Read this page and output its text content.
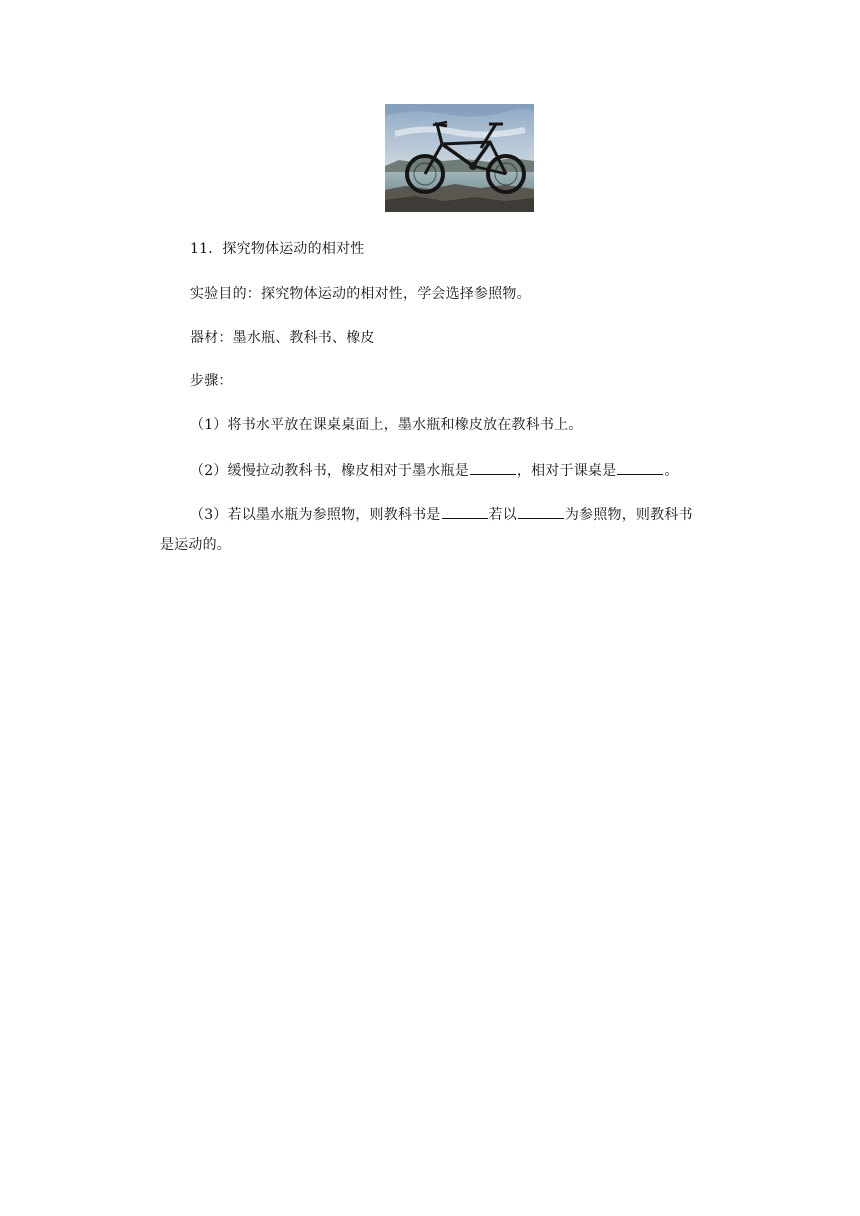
11．探究物体运动的相对性
实验目的：探究物体运动的相对性，学会选择参照物。
器材：墨水瓶、教科书、橡皮
步骤：
（1）将书水平放在课桌桌面上，墨水瓶和橡皮放在教科书上。
（2）缓慢拉动教科书，橡皮相对于墨水瓶是	，相对于课桌是	。
（3）若以墨水瓶为参照物，则教科书是	若以	为参照物，则教科书
是运动的。
